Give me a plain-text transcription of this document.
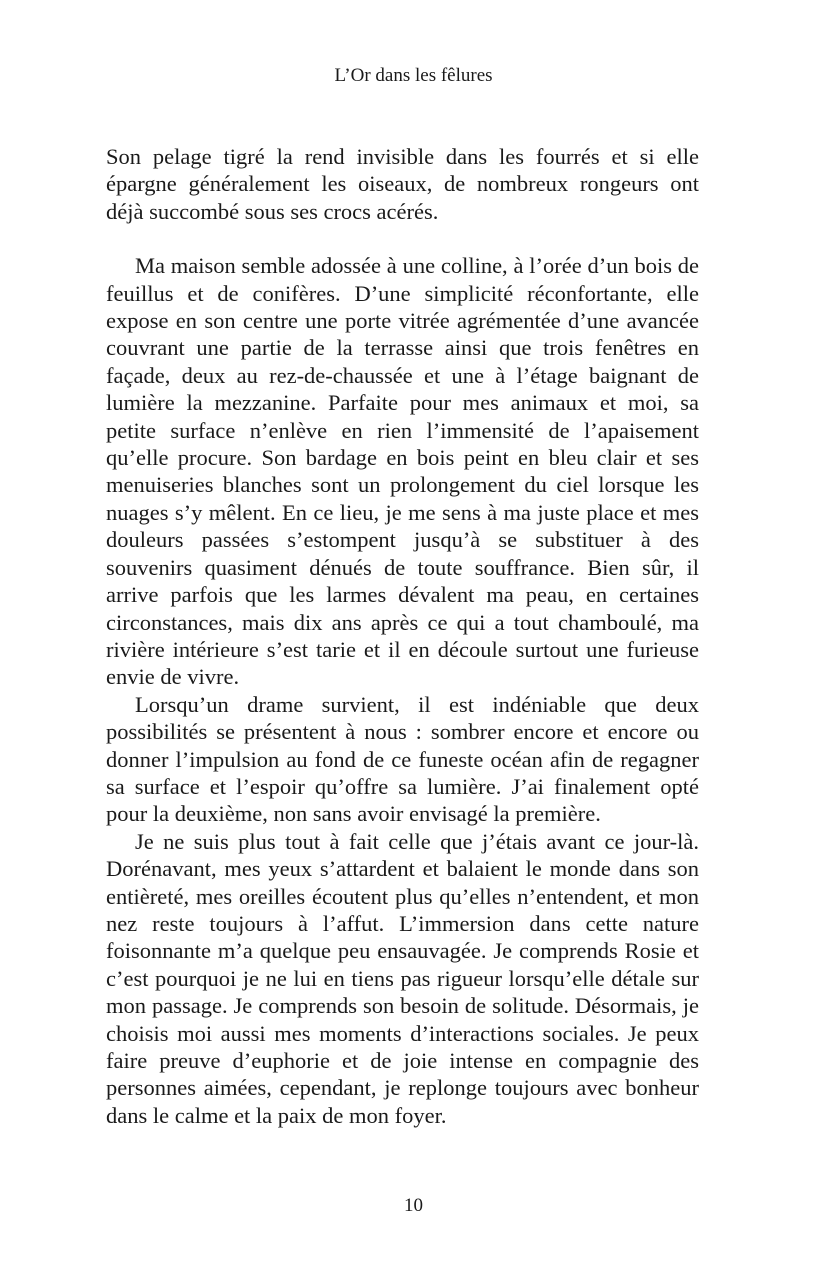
L’Or dans les fêlures

Son pelage tigré la rend invisible dans les fourrés et si elle épargne généralement les oiseaux, de nombreux rongeurs ont déjà succombé sous ses crocs acérés.

Ma maison semble adossée à une colline, à l’orée d’un bois de feuillus et de conifères. D’une simplicité réconfortante, elle expose en son centre une porte vitrée agrémentée d’une avancée couvrant une partie de la terrasse ainsi que trois fenêtres en façade, deux au rez-de-chaussée et une à l’étage baignant de lumière la mezzanine. Parfaite pour mes animaux et moi, sa petite surface n’enlève en rien l’immensité de l’apaisement qu’elle procure. Son bardage en bois peint en bleu clair et ses menuiseries blanches sont un prolongement du ciel lorsque les nuages s’y mêlent. En ce lieu, je me sens à ma juste place et mes douleurs passées s’estompent jusqu’à se substituer à des souvenirs quasiment dénués de toute souffrance. Bien sûr, il arrive parfois que les larmes dévalent ma peau, en certaines circonstances, mais dix ans après ce qui a tout chamboulé, ma rivière intérieure s’est tarie et il en découle surtout une furieuse envie de vivre.

Lorsqu’un drame survient, il est indéniable que deux possibilités se présentent à nous : sombrer encore et encore ou donner l’impulsion au fond de ce funeste océan afin de regagner sa surface et l’espoir qu’offre sa lumière. J’ai finalement opté pour la deuxième, non sans avoir envisagé la première.

Je ne suis plus tout à fait celle que j’étais avant ce jour-là. Dorénavant, mes yeux s’attardent et balaient le monde dans son entièreté, mes oreilles écoutent plus qu’elles n’entendent, et mon nez reste toujours à l’affut. L’immersion dans cette nature foisonnante m’a quelque peu ensauvagée. Je comprends Rosie et c’est pourquoi je ne lui en tiens pas rigueur lorsqu’elle détale sur mon passage. Je comprends son besoin de solitude. Désormais, je choisis moi aussi mes moments d’interactions sociales. Je peux faire preuve d’euphorie et de joie intense en compagnie des personnes aimées, cependant, je replonge toujours avec bonheur dans le calme et la paix de mon foyer.

10
